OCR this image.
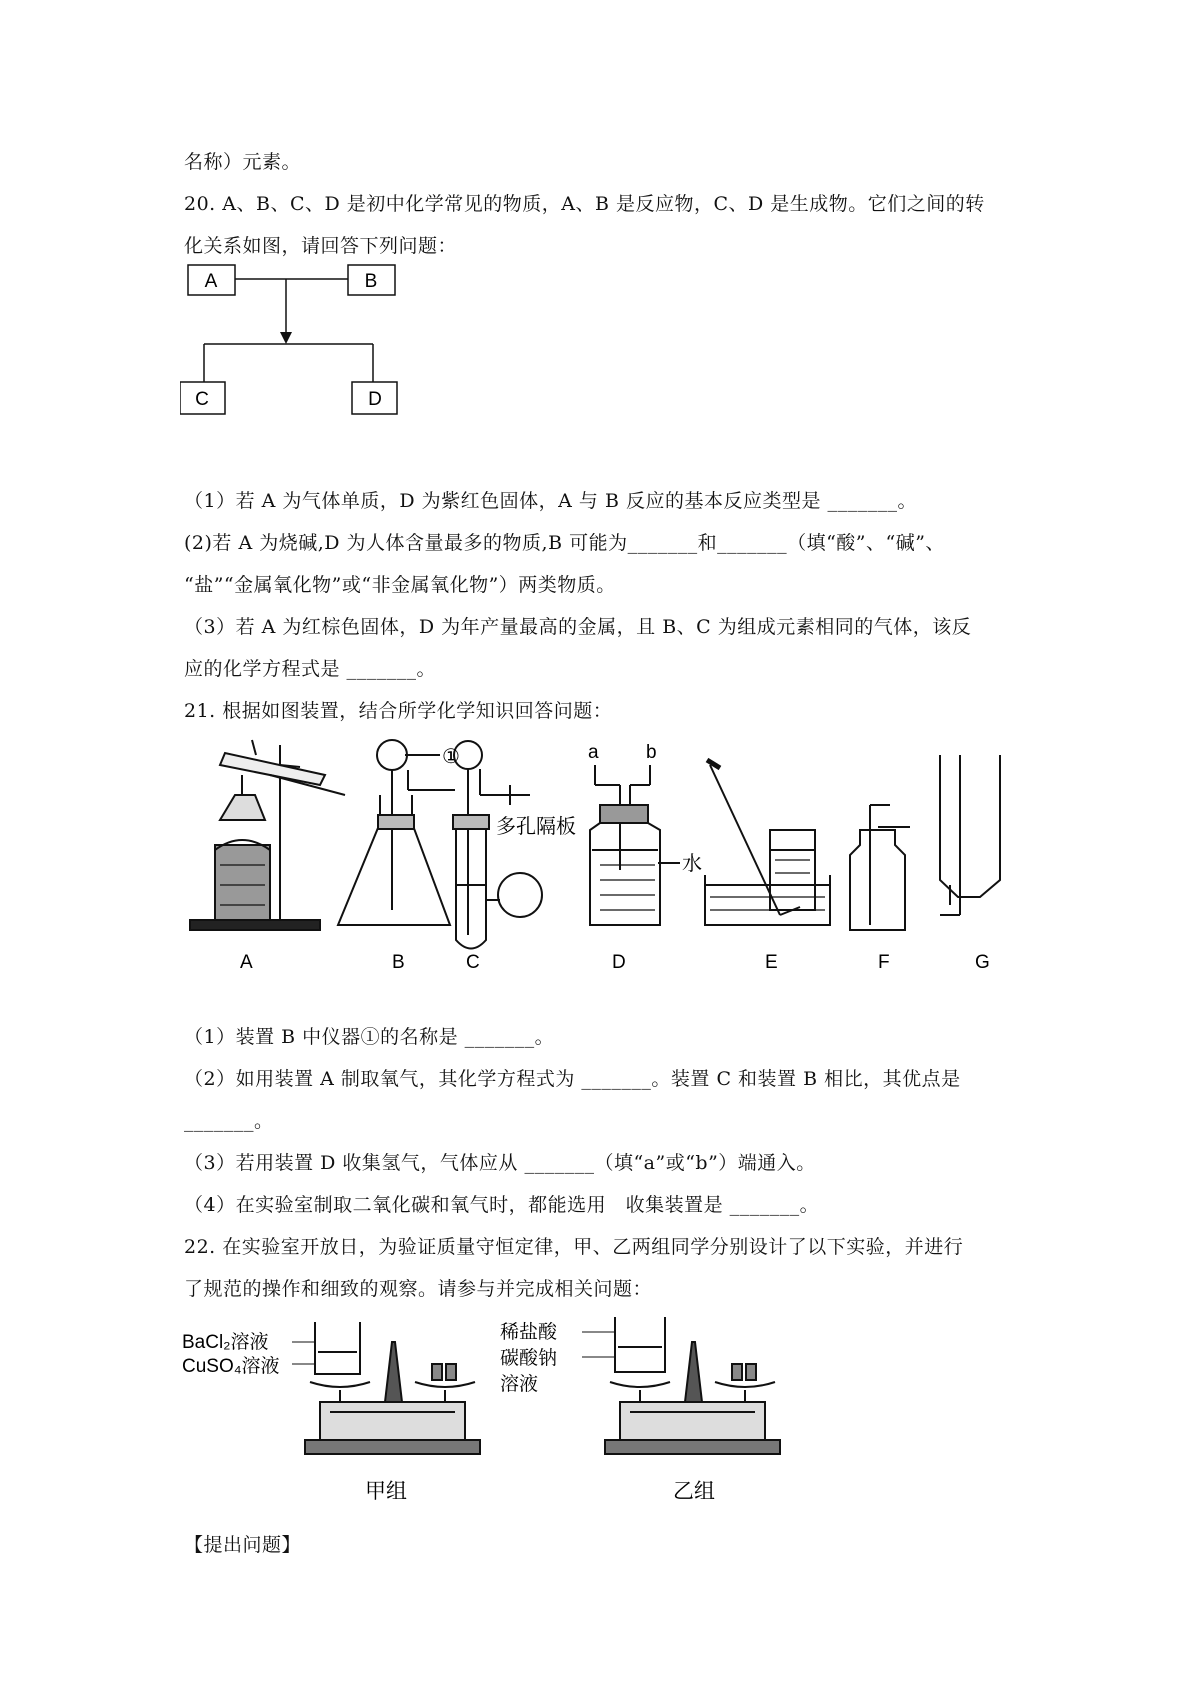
名称）元素。
20. A、B、C、D 是初中化学常见的物质，A、B 是反应物，C、D 是生成物。它们之间的转
化关系如图，请回答下列问题：
A	B
C	D
（1）若 A 为气体单质，D 为紫红色固体，A 与 B 反应的基本反应类型是 _______。
(2)若 A 为烧碱,D 为人体含量最多的物质,B 可能为_______和_______（填“酸”、“碱”、
“盐”“金属氧化物”或“非金属氧化物”）两类物质。
（3）若 A 为红棕色固体，D 为年产量最高的金属，且 B、C 为组成元素相同的气体，该反
应的化学方程式是 _______。
21. 根据如图装置，结合所学化学知识回答问题：
①
多孔隔板
水
a b
A	B	C	D	E	F	G
（1）装置 B 中仪器①的名称是 _______。
（2）如用装置 A 制取氧气，其化学方程式为 _______。装置 C 和装置 B 相比，其优点是
_______。
（3）若用装置 D 收集氢气，气体应从 _______（填“a”或“b”）端通入。
（4）在实验室制取二氧化碳和氧气时，都能选用　收集装置是 _______。
22. 在实验室开放日，为验证质量守恒定律，甲、乙两组同学分别设计了以下实验，并进行
了规范的操作和细致的观察。请参与并完成相关问题：
BaCl₂溶液
CuSO₄溶液
稀盐酸
碳酸钠
溶液
甲组	乙组
【提出问题】
